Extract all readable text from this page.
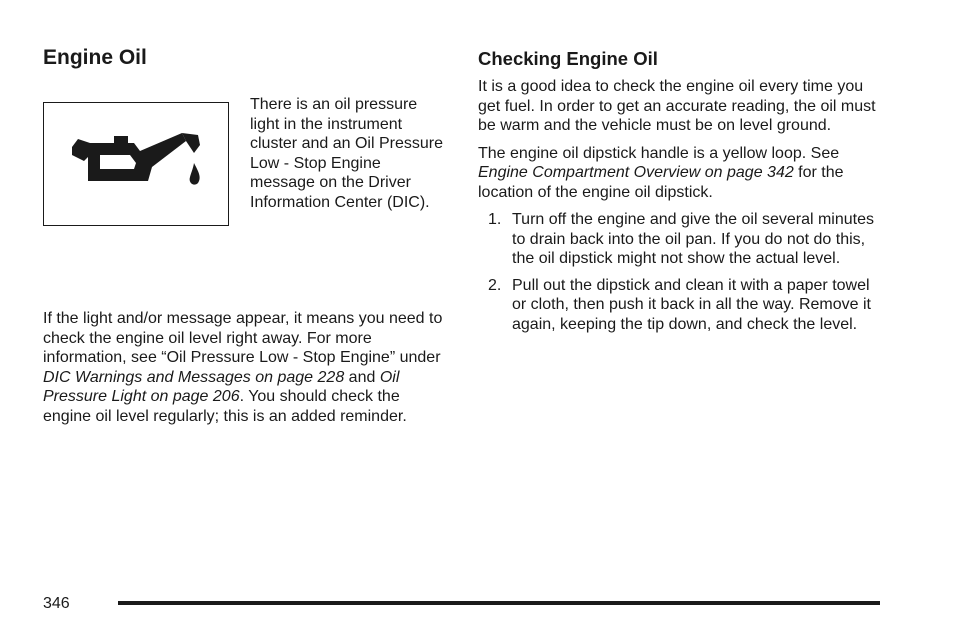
Engine Oil

There is an oil pressure light in the instrument cluster and an Oil Pressure Low - Stop Engine message on the Driver Information Center (DIC).

If the light and/or message appear, it means you need to check the engine oil level right away. For more information, see “Oil Pressure Low - Stop Engine” under DIC Warnings and Messages on page 228 and Oil Pressure Light on page 206. You should check the engine oil level regularly; this is an added reminder.

Checking Engine Oil

It is a good idea to check the engine oil every time you get fuel. In order to get an accurate reading, the oil must be warm and the vehicle must be on level ground.

The engine oil dipstick handle is a yellow loop. See Engine Compartment Overview on page 342 for the location of the engine oil dipstick.

1. Turn off the engine and give the oil several minutes to drain back into the oil pan. If you do not do this, the oil dipstick might not show the actual level.
2. Pull out the dipstick and clean it with a paper towel or cloth, then push it back in all the way. Remove it again, keeping the tip down, and check the level.
346
